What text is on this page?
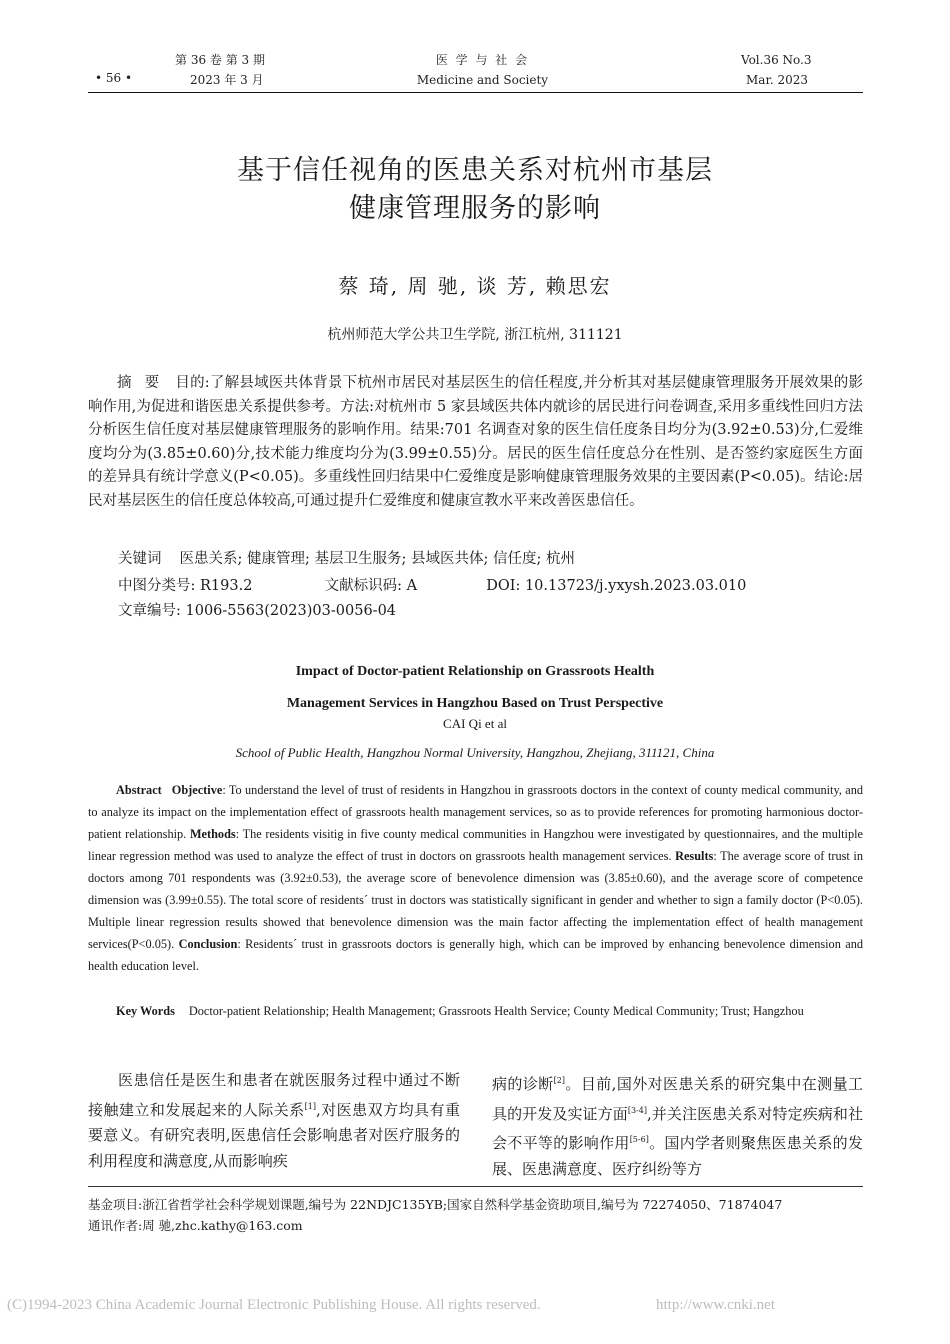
• 56 •
第 36 卷 第 3 期
2023 年 3 月
医 学 与 社 会
Medicine and Society
Vol.36 No.3
Mar. 2023
基于信任视角的医患关系对杭州市基层
健康管理服务的影响
蔡 琦, 周 驰, 谈 芳, 赖思宏
杭州师范大学公共卫生学院, 浙江杭州, 311121
摘 要 目的:了解县域医共体背景下杭州市居民对基层医生的信任程度,并分析其对基层健康管理服务开展效果的影响作用,为促进和谐医患关系提供参考。方法:对杭州市 5 家县域医共体内就诊的居民进行问卷调查,采用多重线性回归方法分析医生信任度对基层健康管理服务的影响作用。结果:701 名调查对象的医生信任度条目均分为(3.92±0.53)分,仁爱维度均分为(3.85±0.60)分,技术能力维度均分为(3.99±0.55)分。居民的医生信任度总分在性别、是否签约家庭医生方面的差异具有统计学意义(P<0.05)。多重线性回归结果中仁爱维度是影响健康管理服务效果的主要因素(P<0.05)。结论:居民对基层医生的信任度总体较高,可通过提升仁爱维度和健康宣教水平来改善医患信任。
关键词 医患关系; 健康管理; 基层卫生服务; 县域医共体; 信任度; 杭州
中图分类号: R193.2	文献标识码: A	DOI: 10.13723/j.yxysh.2023.03.010
文章编号: 1006-5563(2023)03-0056-04
Impact of Doctor-patient Relationship on Grassroots Health
Management Services in Hangzhou Based on Trust Perspective
CAI Qi et al
School of Public Health, Hangzhou Normal University, Hangzhou, Zhejiang, 311121, China
Abstract Objective: To understand the level of trust of residents in Hangzhou in grassroots doctors in the context of county medical community, and to analyze its impact on the implementation effect of grassroots health management services, so as to provide references for promoting harmonious doctor-patient relationship. Methods: The residents visitig in five county medical communities in Hangzhou were investigated by questionnaires, and the multiple linear regression method was used to analyze the effect of trust in doctors on grassroots health management services. Results: The average score of trust in doctors among 701 respondents was (3.92±0.53), the average score of benevolence dimension was (3.85±0.60), and the average score of competence dimension was (3.99±0.55). The total score of residents´ trust in doctors was statistically significant in gender and whether to sign a family doctor (P<0.05). Multiple linear regression results showed that benevolence dimension was the main factor affecting the implementation effect of health management services(P<0.05). Conclusion: Residents´ trust in grassroots doctors is generally high, which can be improved by enhancing benevolence dimension and health education level.
Key Words Doctor-patient Relationship; Health Management; Grassroots Health Service; County Medical Community; Trust; Hangzhou
医患信任是医生和患者在就医服务过程中通过不断接触建立和发展起来的人际关系[1],对医患双方均具有重要意义。有研究表明,医患信任会影响患者对医疗服务的利用程度和满意度,从而影响疾
病的诊断[2]。目前,国外对医患关系的研究集中在测量工具的开发及实证方面[3-4],并关注医患关系对特定疾病和社会不平等的影响作用[5-6]。国内学者则聚焦医患关系的发展、医患满意度、医疗纠纷等方
基金项目:浙江省哲学社会科学规划课题,编号为 22NDJC135YB;国家自然科学基金资助项目,编号为 72274050、71874047
通讯作者:周 驰,zhc.kathy@163.com
(C)1994-2023 China Academic Journal Electronic Publishing House. All rights reserved.	http://www.cnki.net
